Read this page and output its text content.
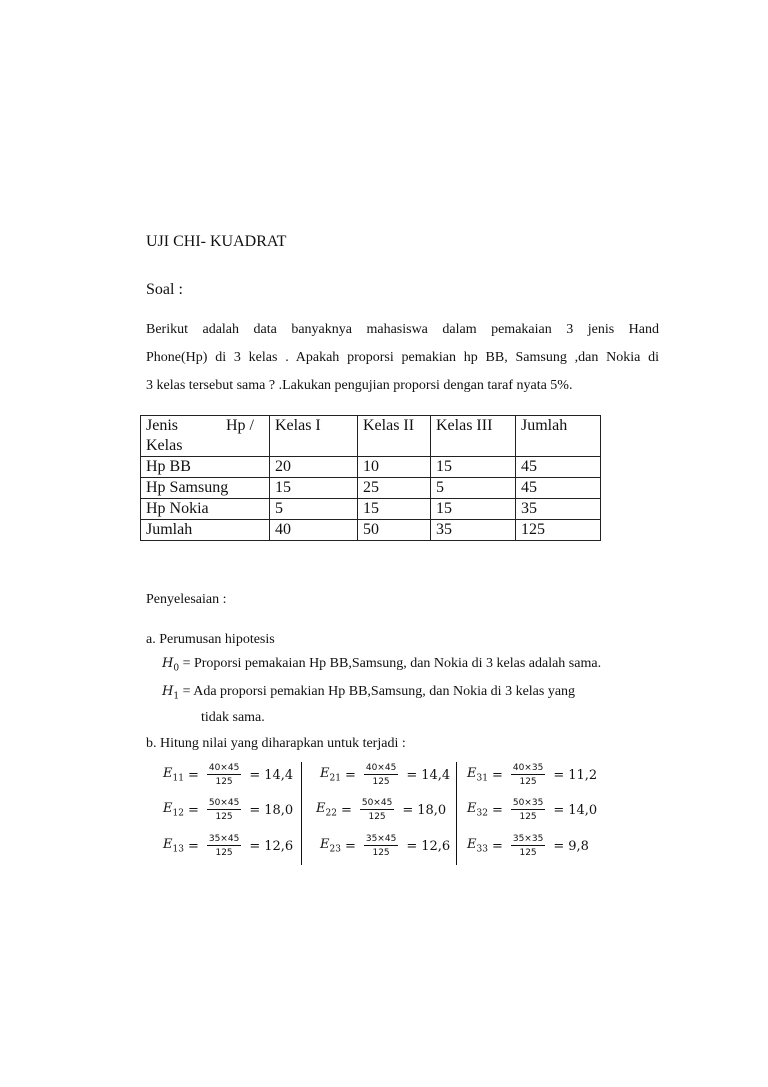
UJI CHI- KUADRAT
Soal :
Berikut adalah data banyaknya mahasiswa dalam pemakaian 3 jenis Hand
Phone(Hp) di 3 kelas . Apakah proporsi pemakian hp BB, Samsung ,dan Nokia di
3 kelas tersebut sama ? .Lakukan pengujian proporsi dengan taraf nyata 5%.
Jenis Hp /
Kelas	Kelas I	Kelas II	Kelas III	Jumlah
Hp BB	20	10	15	45
Hp Samsung	15	25	5	45
Hp Nokia	5	15	15	35
Jumlah	40	50	35	125
Penyelesaian :
a. Perumusan hipotesis
$H_0$ = Proporsi pemakaian Hp BB,Samsung, dan Nokia di 3 kelas adalah sama.
$H_1$ = Ada proporsi pemakian Hp BB,Samsung, dan Nokia di 3 kelas yang
tidak sama.
b. Hitung nilai yang diharapkan untuk terjadi :
$E_{11} = \frac{40\times 45}{125} = 14,4$ $E_{21} = \frac{40\times 45}{125} = 14,4$ $E_{31} = \frac{40\times 35}{125} = 11,2$
$E_{12} = \frac{50\times 45}{125} = 18,0$ $E_{22} = \frac{50\times 45}{125} = 18,0$ $E_{32} = \frac{50\times 35}{125} = 14,0$
$E_{13} = \frac{35\times 45}{125} = 12,6$ $E_{23} = \frac{35\times 45}{125} = 12,6$ $E_{33} = \frac{35\times 35}{125} = 9,8$
